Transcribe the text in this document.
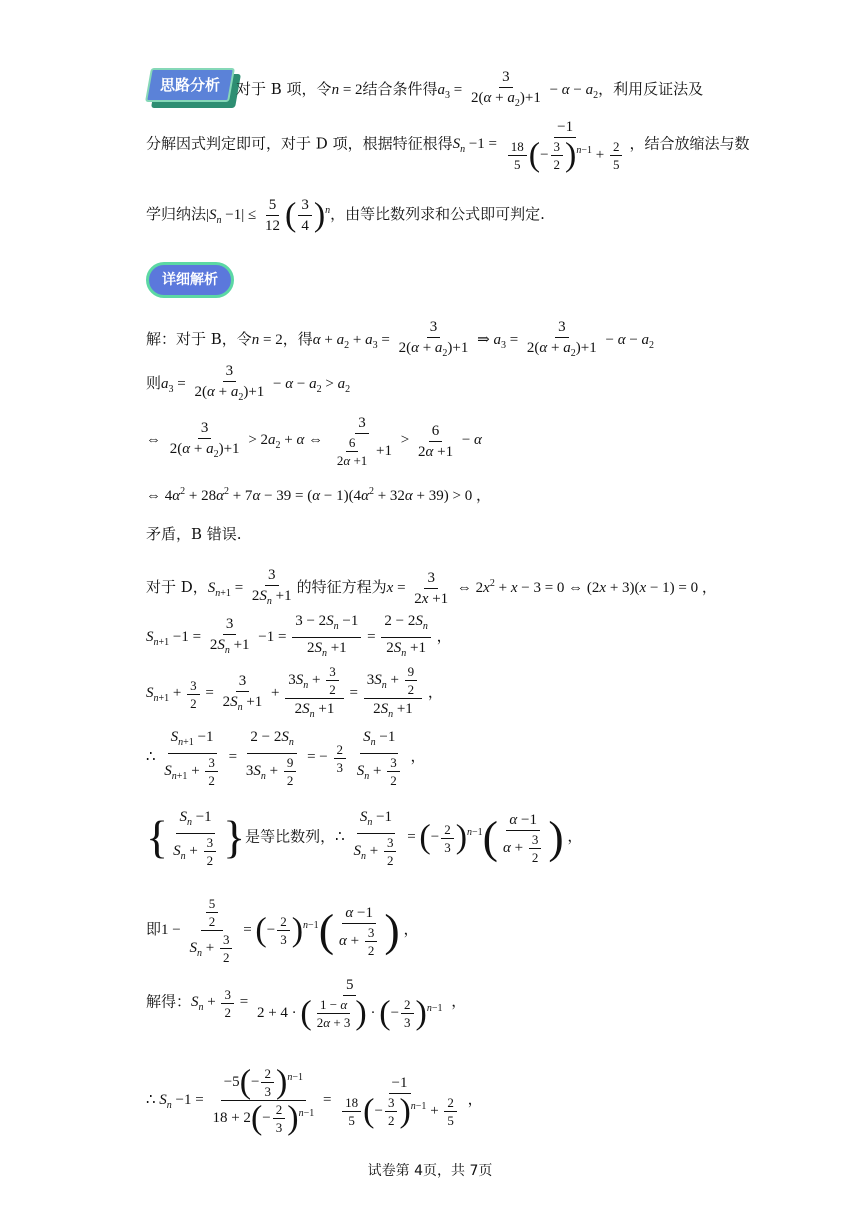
思路分析	对于 B 项，令n = 2结合条件得$a_3 = \frac{3}{2(\alpha + a_2)+1} - \alpha - a_2$，利用反证法及
分解因式判定即可，对于 D 项，根据特征根得$S_n -1 = \frac{-1}{\frac{18}{5} (- \frac{3}{2} )^{n-1} + \frac{2}{5}}$ ，结合放缩法与数
学归纳法$|S_n -1| \le \frac{5}{12}$ ( $\frac{3}{4} )^n$，由等比数列求和公式即可判定.
详细解析
解：对于 B，令n = 2，得$\alpha + a_2 + a_3 = \frac{3}{2(\alpha + a_2)+1}$ ⇒ $a_3 = \frac{3}{2(\alpha + a_2)+1} - \alpha - a_2$
则$a_3 = \frac{3}{2(\alpha + a_2)+1} - \alpha - a_2 > a_2$
⇔ $\frac{3}{2(\alpha + a_2)+1} > 2a_2 + \alpha$ ⇔ $\frac{3}{\frac{6}{2\alpha +1} +1} > \frac{6}{2\alpha +1} - \alpha$
⇔ $4\alpha^2 + 28\alpha^2 + 7\alpha - 39 = (\alpha - 1)(4\alpha^2 + 32\alpha + 39) > 0$ ，
矛盾，B 错误.
对于 D，$S_{n+1} = \frac{3}{2S_n +1}$ 的特征方程为$x = \frac{3}{2x +1}$ ⇔ $2x^2 + x - 3 = 0$ ⇔ (2x + 3)(x − 1) = 0 ，
$S_{n+1} -1 = \frac{3}{2S_n +1} -1 = \frac{3 - 2S_n -1}{2S_n +1} = \frac{2 - 2S_n}{2S_n +1}$ ，
$S_{n+1} + \frac{3}{2} = \frac{3}{2S_n +1} + \frac{3S_n + \frac{3}{2}}{2S_n +1} = \frac{3S_n + \frac{9}{2}}{2S_n +1}$ ，
∴ $\frac{S_{n+1} -1}{S_{n+1} + \frac{3}{2}} = \frac{2 - 2S_n}{3S_n + \frac{9}{2}}$ = − $\frac{2}{3}$
$\frac{S_n -1}{S_n + \frac{3}{2}}$ ，
{ $\frac{S_n -1}{S_n + \frac{3}{2}}$ }是等比数列，∴ $\frac{S_n -1}{S_n + \frac{3}{2}}$ = (− $\frac{2}{3} )^{n-1}( \frac{\alpha -1}{\alpha + \frac{3}{2}}$ ) ，
即$1 - \frac{\frac{5}{2}}{S_n + \frac{3}{2}}$ = (− $\frac{2}{3} )^{n-1}( \frac{\alpha -1}{\alpha + \frac{3}{2}}$ ) ，
解得：$S_n + \frac{3}{2} = \frac{5}{2 + 4 \cdot ( \frac{1 - \alpha}{2\alpha + 3} ) \cdot (- \frac{2}{3} )^{n-1}}$ ，
∴ $S_n -1 = \frac{-5(- \frac{2}{3} )^{n-1}}{18 + 2(- \frac{2}{3} )^{n-1}} = \frac{-1}{\frac{18}{5} (- \frac{3}{2} )^{n-1} + \frac{2}{5}}$ ，
试卷第 4页，共 7页
